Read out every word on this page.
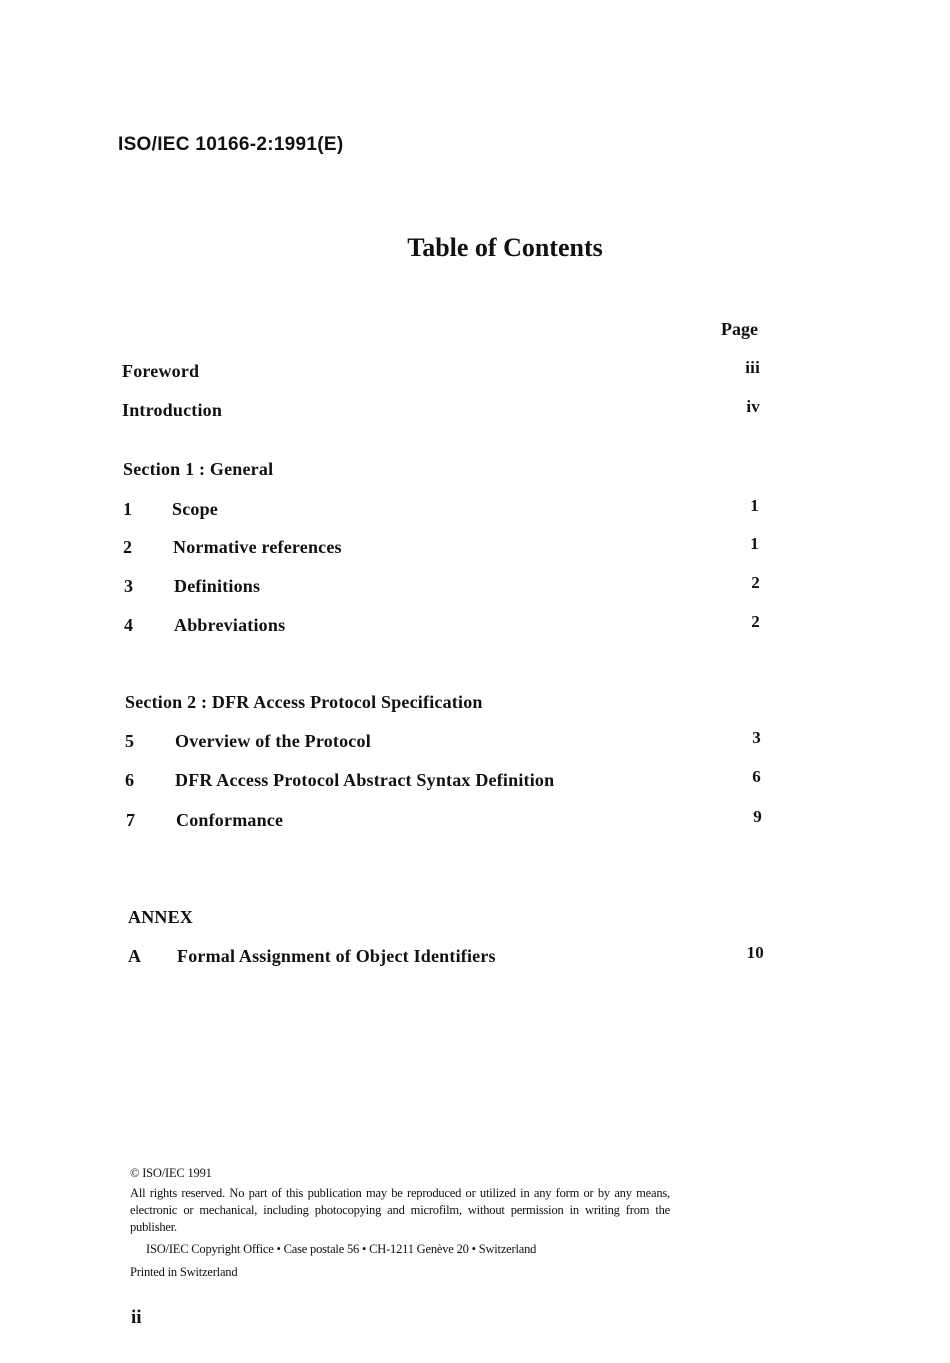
ISO/IEC 10166-2:1991(E)
Table of Contents
Page
Foreword	iii
Introduction	iv
Section 1 : General
1 Scope	1
2 Normative references	1
3 Definitions	2
4 Abbreviations	2
Section 2 : DFR Access Protocol Specification
5 Overview of the Protocol	3
6 DFR Access Protocol Abstract Syntax Definition	6
7 Conformance	9
ANNEX
A Formal Assignment of Object Identifiers	10

© ISO/IEC 1991

All rights reserved. No part of this publication may be reproduced or utilized in any form or by any means, electronic or mechanical, including photocopying and microfilm, without permission in writing from the publisher.

ISO/IEC Copyright Office • Case postale 56 • CH-1211 Genève 20 • Switzerland

Printed in Switzerland

ii
